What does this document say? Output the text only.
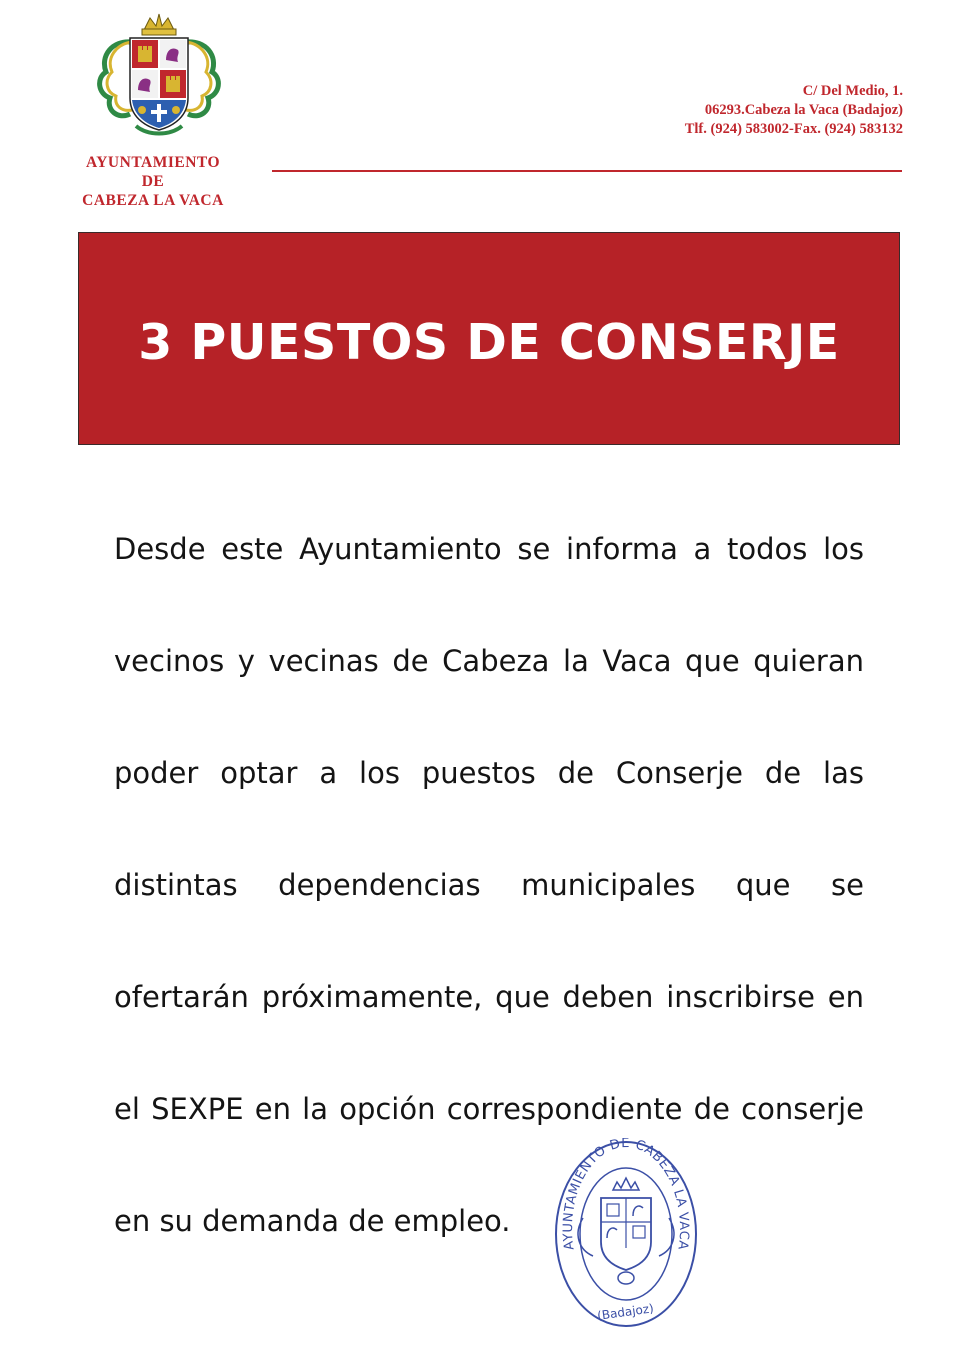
AYUNTAMIENTO
DE
CABEZA LA VACA
C/ Del Medio, 1.
06293.Cabeza la Vaca (Badajoz)
Tlf. (924) 583002-Fax. (924) 583132
3 PUESTOS DE CONSERJE
Desde este Ayuntamiento se informa a todos los
vecinos y vecinas de Cabeza la Vaca que quieran
poder optar a los puestos de Conserje de las
distintas dependencias municipales que se
ofertarán próximamente, que deben inscribirse en
el SEXPE en la opción correspondiente de conserje
en su demanda de empleo.
AYUNTAMIENTO DE CABEZA LA VACA
(Badajoz)
